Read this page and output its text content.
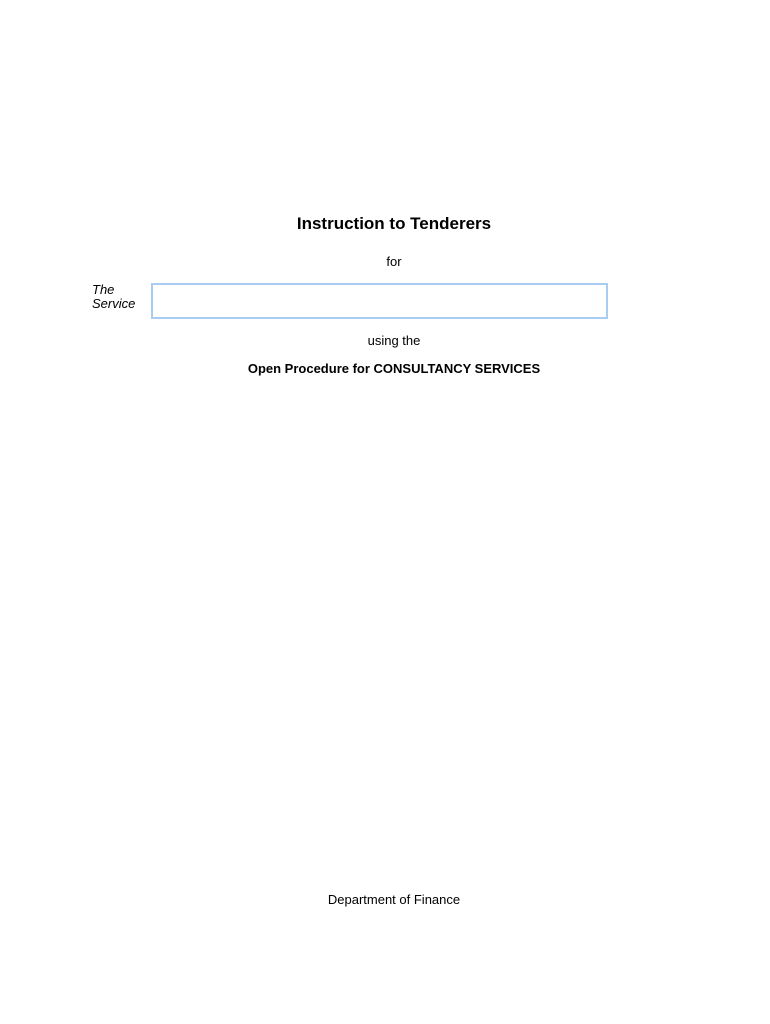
Instruction to Tenderers
for
The
Service
using the
Open Procedure for CONSULTANCY SERVICES
Department of Finance
